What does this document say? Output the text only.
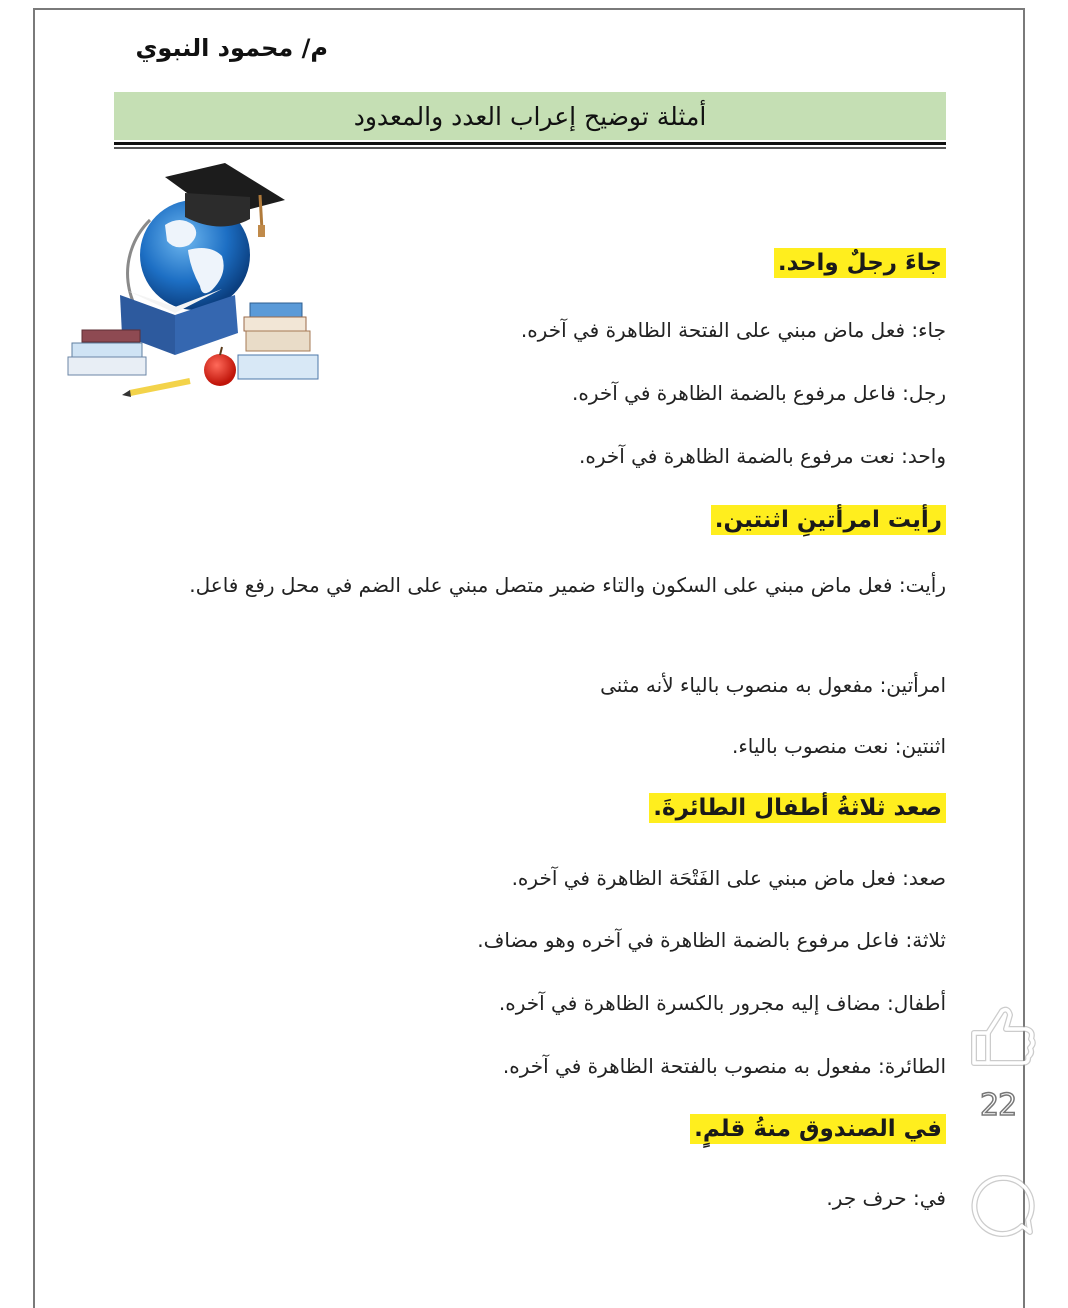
م/ محمود النبوي
أمثلة توضيح إعراب العدد والمعدود
جاءَ رجلٌ واحد.
جاء: فعل ماض مبني على الفتحة الظاهرة في آخره.
رجل: فاعل مرفوع بالضمة الظاهرة في آخره.
واحد: نعت مرفوع بالضمة الظاهرة في آخره.
رأيت امرأتينِ اثنتين.
رأيت: فعل ماض مبني على السكون والتاء ضمير متصل مبني على الضم في محل رفع فاعل.
امرأتين: مفعول به منصوب بالياء لأنه مثنى
اثنتين: نعت منصوب بالياء.
صعد ثلاثةُ أطفال الطائرةَ.
صعد: فعل ماض مبني على الفَتْحَة الظاهرة في آخره.
ثلاثة: فاعل مرفوع بالضمة الظاهرة في آخره وهو مضاف.
أطفال: مضاف إليه مجرور بالكسرة الظاهرة في آخره.
الطائرة: مفعول به منصوب بالفتحة الظاهرة في آخره.
في الصندوق منةُ قلمٍ.
في: حرف جر.
22
